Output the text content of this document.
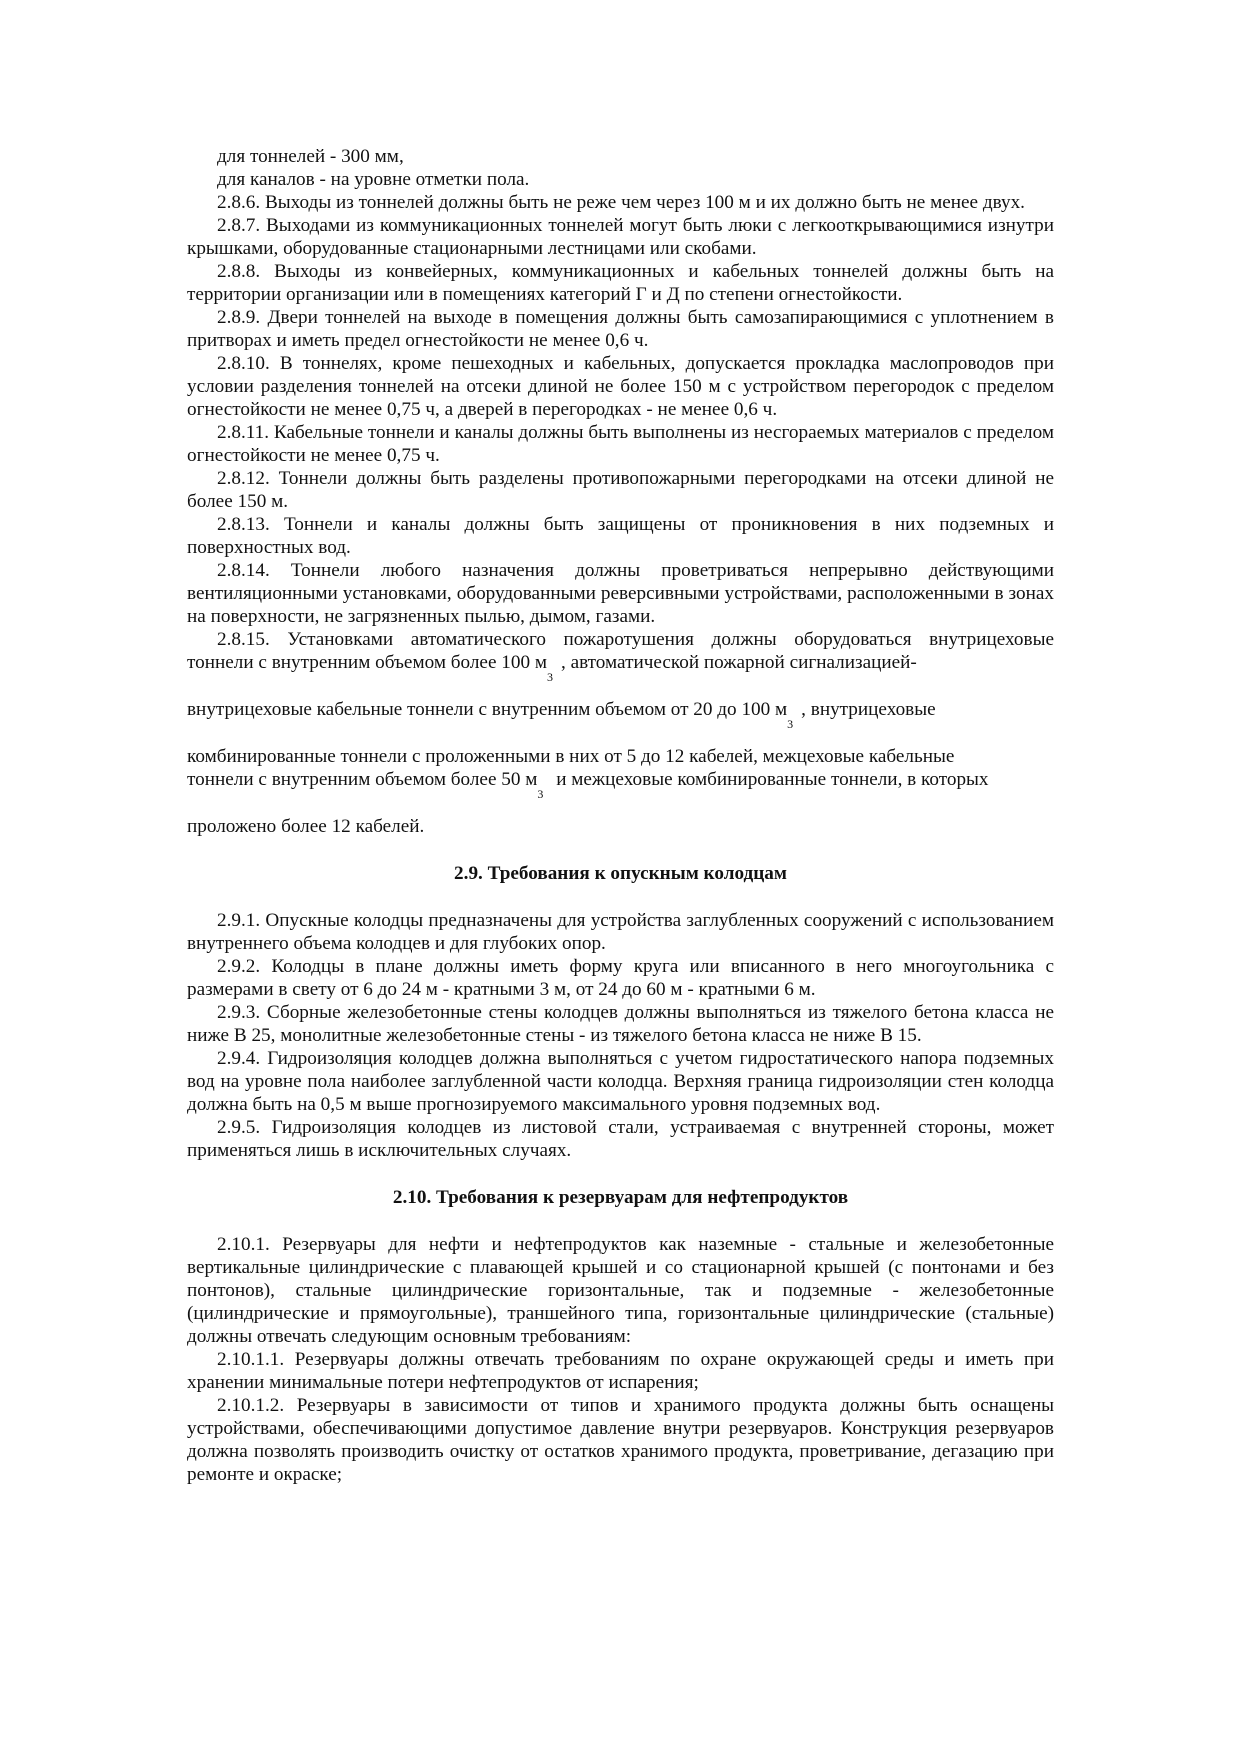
для тоннелей - 300 мм,

для каналов - на уровне отметки пола.

2.8.6. Выходы из тоннелей должны быть не реже чем через 100 м и их должно быть не менее двух.

2.8.7. Выходами из коммуникационных тоннелей могут быть люки с легкооткрывающимися изнутри крышками, оборудованные стационарными лестницами или скобами.

2.8.8. Выходы из конвейерных, коммуникационных и кабельных тоннелей должны быть на территории организации или в помещениях категорий Г и Д по степени огнестойкости.

2.8.9. Двери тоннелей на выходе в помещения должны быть самозапирающимися с уплотнением в притворах и иметь предел огнестойкости не менее 0,6 ч.

2.8.10. В тоннелях, кроме пешеходных и кабельных, допускается прокладка маслопроводов при условии разделения тоннелей на отсеки длиной не более 150 м с устройством перегородок с пределом огнестойкости не менее 0,75 ч, а дверей в перегородках - не менее 0,6 ч.

2.8.11. Кабельные тоннели и каналы должны быть выполнены из несгораемых материалов с пределом огнестойкости не менее 0,75 ч.

2.8.12. Тоннели должны быть разделены противопожарными перегородками на отсеки длиной не более 150 м.

2.8.13. Тоннели и каналы должны быть защищены от проникновения в них подземных и поверхностных вод.

2.8.14. Тоннели любого назначения должны проветриваться непрерывно действующими вентиляционными установками, оборудованными реверсивными устройствами, расположенными в зонах на поверхности, не загрязненных пылью, дымом, газами.

2.8.15. Установками автоматического пожаротушения должны оборудоваться внутрицеховые

тоннели с внутренним объемом более 100 м3, автоматической пожарной сигнализацией-

внутрицеховые кабельные тоннели с внутренним объемом от 20 до 100 м3, внутрицеховые

комбинированные тоннели с проложенными в них от 5 до 12 кабелей, межцеховые кабельные

тоннели с внутренним объемом более 50 м3 и межцеховые комбинированные тоннели, в которых

проложено более 12 кабелей.

2.9. Требования к опускным колодцам

2.9.1. Опускные колодцы предназначены для устройства заглубленных сооружений с использованием внутреннего объема колодцев и для глубоких опор.

2.9.2. Колодцы в плане должны иметь форму круга или вписанного в него многоугольника с размерами в свету от 6 до 24 м - кратными 3 м, от 24 до 60 м - кратными 6 м.

2.9.3. Сборные железобетонные стены колодцев должны выполняться из тяжелого бетона класса не ниже В 25, монолитные железобетонные стены - из тяжелого бетона класса не ниже В 15.

2.9.4. Гидроизоляция колодцев должна выполняться с учетом гидростатического напора подземных вод на уровне пола наиболее заглубленной части колодца. Верхняя граница гидроизоляции стен колодца должна быть на 0,5 м выше прогнозируемого максимального уровня подземных вод.

2.9.5. Гидроизоляция колодцев из листовой стали, устраиваемая с внутренней стороны, может применяться лишь в исключительных случаях.

2.10. Требования к резервуарам для нефтепродуктов

2.10.1. Резервуары для нефти и нефтепродуктов как наземные - стальные и железобетонные вертикальные цилиндрические с плавающей крышей и со стационарной крышей (с понтонами и без понтонов), стальные цилиндрические горизонтальные, так и подземные - железобетонные (цилиндрические и прямоугольные), траншейного типа, горизонтальные цилиндрические (стальные) должны отвечать следующим основным требованиям:

2.10.1.1. Резервуары должны отвечать требованиям по охране окружающей среды и иметь при хранении минимальные потери нефтепродуктов от испарения;

2.10.1.2. Резервуары в зависимости от типов и хранимого продукта должны быть оснащены устройствами, обеспечивающими допустимое давление внутри резервуаров. Конструкция резервуаров должна позволять производить очистку от остатков хранимого продукта, проветривание, дегазацию при ремонте и окраске;
